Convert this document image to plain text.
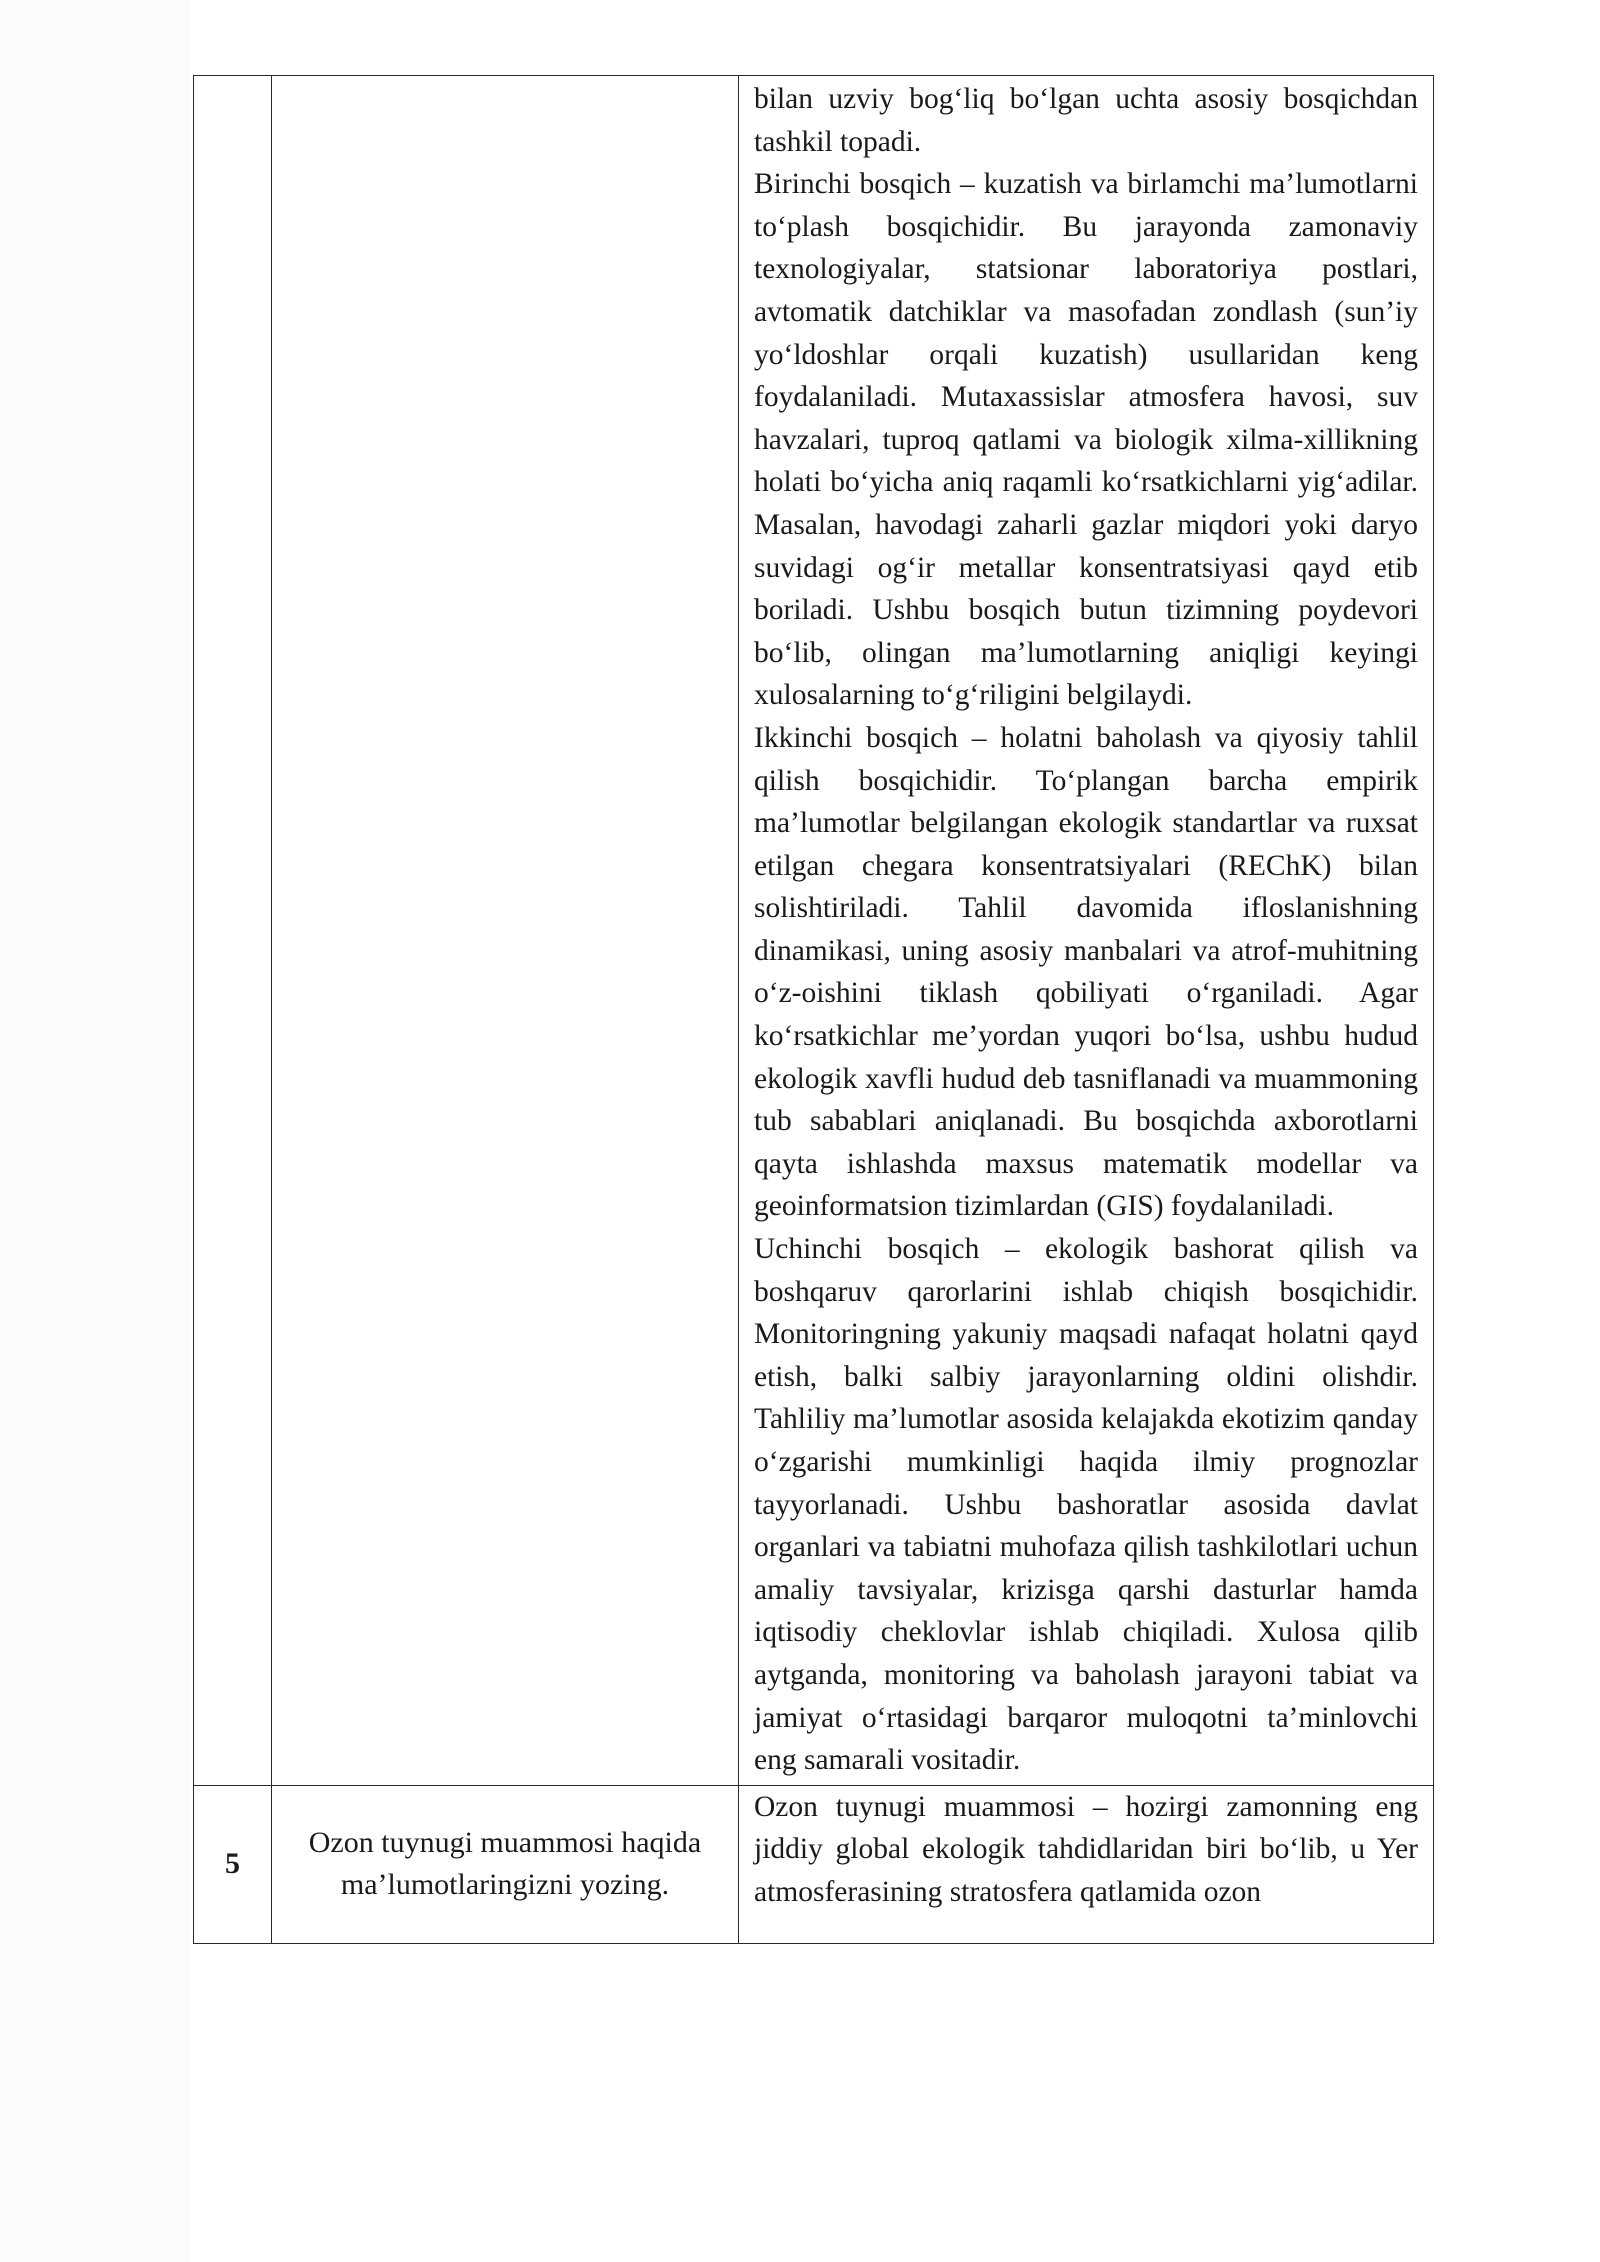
		bilan uzviy bog‘liq bo‘lgan uchta asosiy bosqichdan tashkil topadi.

Birinchi bosqich – kuzatish va birlamchi ma’lumotlarni to‘plash bosqichidir. Bu jarayonda zamonaviy texnologiyalar, statsionar laboratoriya postlari, avtomatik datchiklar va masofadan zondlash (sun’iy yo‘ldoshlar orqali kuzatish) usullaridan keng foydalaniladi. Mutaxassislar atmosfera havosi, suv havzalari, tuproq qatlami va biologik xilma-xillikning holati bo‘yicha aniq raqamli ko‘rsatkichlarni yig‘adilar. Masalan, havodagi zaharli gazlar miqdori yoki daryo suvidagi og‘ir metallar konsentratsiyasi qayd etib boriladi. Ushbu bosqich butun tizimning poydevori bo‘lib, olingan ma’lumotlarning aniqligi keyingi xulosalarning to‘g‘riligini belgilaydi.

Ikkinchi bosqich – holatni baholash va qiyosiy tahlil qilish bosqichidir. To‘plangan barcha empirik ma’lumotlar belgilangan ekologik standartlar va ruxsat etilgan chegara konsentratsiyalari (REChK) bilan solishtiriladi. Tahlil davomida ifloslanishning dinamikasi, uning asosiy manbalari va atrof-muhitning o‘z-oishini tiklash qobiliyati o‘rganiladi. Agar ko‘rsatkichlar me’yordan yuqori bo‘lsa, ushbu hudud ekologik xavfli hudud deb tasniflanadi va muammoning tub sabablari aniqlanadi. Bu bosqichda axborotlarni qayta ishlashda maxsus matematik modellar va geoinformatsion tizimlardan (GIS) foydalaniladi.

Uchinchi bosqich – ekologik bashorat qilish va boshqaruv qarorlarini ishlab chiqish bosqichidir. Monitoringning yakuniy maqsadi nafaqat holatni qayd etish, balki salbiy jarayonlarning oldini olishdir. Tahliliy ma’lumotlar asosida kelajakda ekotizim qanday o‘zgarishi mumkinligi haqida ilmiy prognozlar tayyorlanadi. Ushbu bashoratlar asosida davlat organlari va tabiatni muhofaza qilish tashkilotlari uchun amaliy tavsiyalar, krizisga qarshi dasturlar hamda iqtisodiy cheklovlar ishlab chiqiladi. Xulosa qilib aytganda, monitoring va baholash jarayoni tabiat va jamiyat o‘rtasidagi barqaror muloqotni ta’minlovchi eng samarali vositadir.

5	Ozon tuynugi muammosi haqida ma’lumotlaringizni yozing.	Ozon tuynugi muammosi – hozirgi zamonning eng jiddiy global ekologik tahdidlaridan biri bo‘lib, u Yer atmosferasining stratosfera qatlamida ozon
